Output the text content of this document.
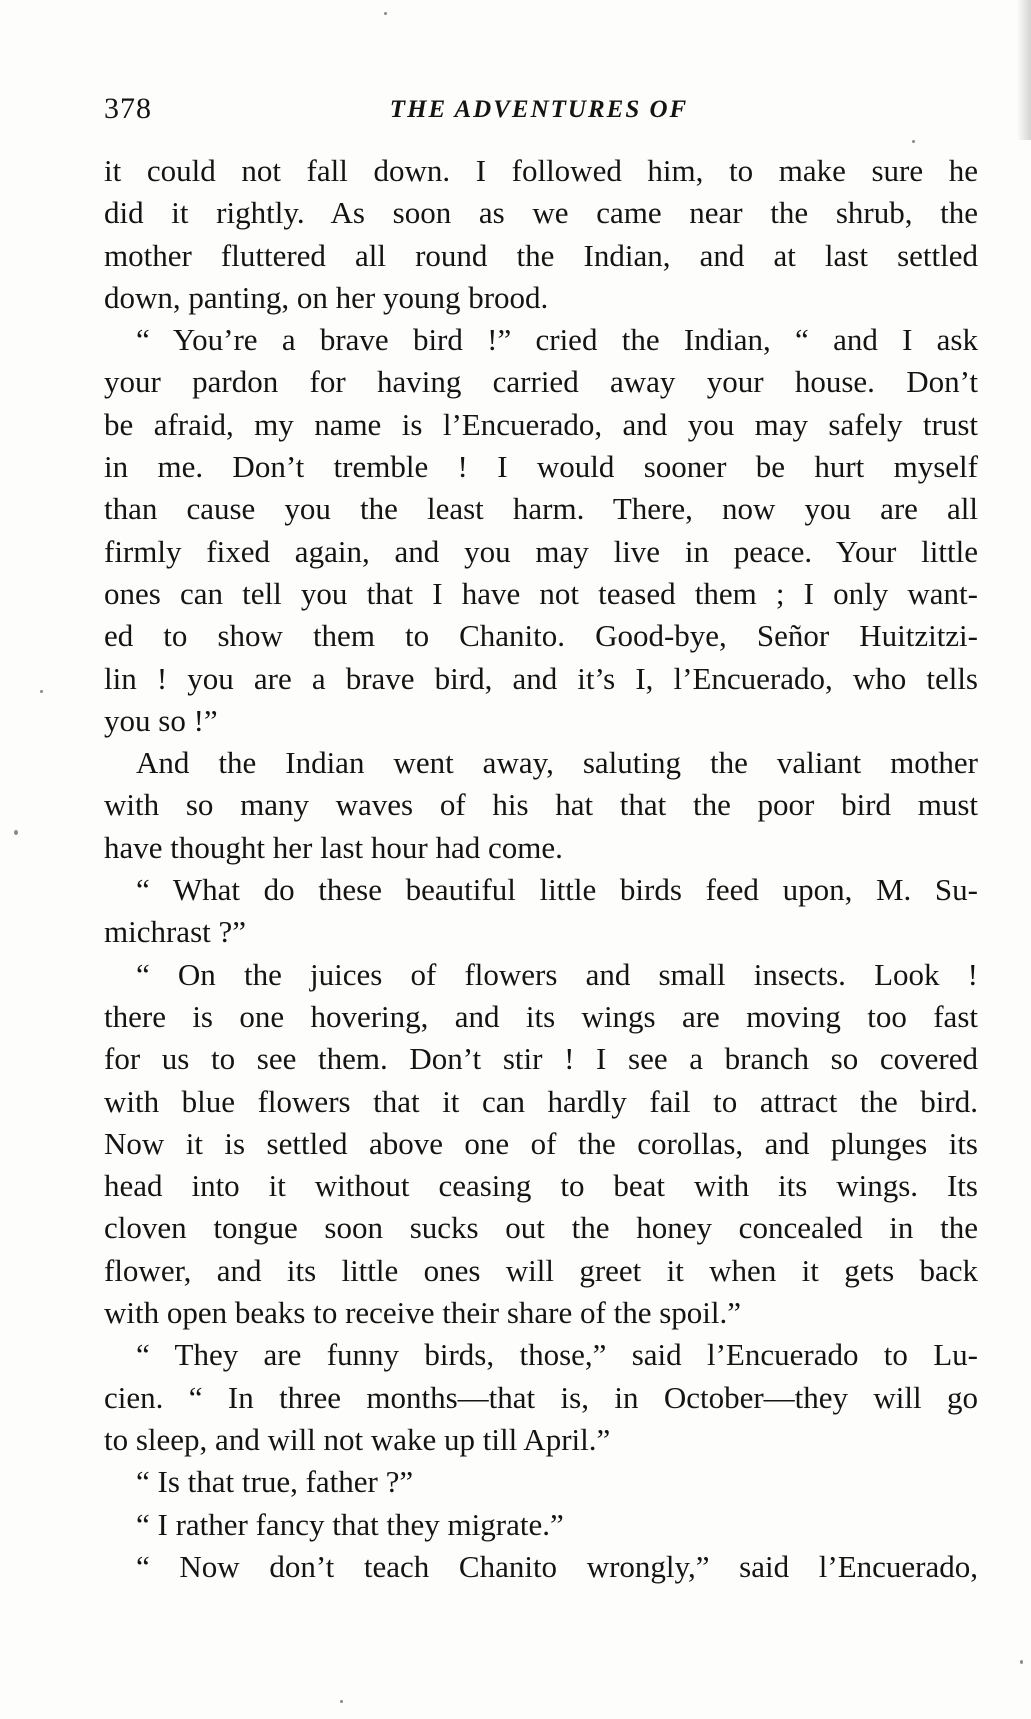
378	THE ADVENTURES OF
it could not fall down. I followed him, to make sure he
did it rightly. As soon as we came near the shrub, the
mother fluttered all round the Indian, and at last settled
down, panting, on her young brood.
“ You’re a brave bird !” cried the Indian, “ and I ask
your pardon for having carried away your house. Don’t
be afraid, my name is l’Encuerado, and you may safely trust
in me. Don’t tremble ! I would sooner be hurt myself
than cause you the least harm. There, now you are all
firmly fixed again, and you may live in peace. Your little
ones can tell you that I have not teased them ; I only want-
ed to show them to Chanito. Good-bye, Señor Huitzitzi-
lin ! you are a brave bird, and it’s I, l’Encuerado, who tells
you so !”
And the Indian went away, saluting the valiant mother
with so many waves of his hat that the poor bird must
have thought her last hour had come.
“ What do these beautiful little birds feed upon, M. Su-
michrast ?”
“ On the juices of flowers and small insects. Look !
there is one hovering, and its wings are moving too fast
for us to see them. Don’t stir ! I see a branch so covered
with blue flowers that it can hardly fail to attract the bird.
Now it is settled above one of the corollas, and plunges its
head into it without ceasing to beat with its wings. Its
cloven tongue soon sucks out the honey concealed in the
flower, and its little ones will greet it when it gets back
with open beaks to receive their share of the spoil.”
“ They are funny birds, those,” said l’Encuerado to Lu-
cien. “ In three months—that is, in October—they will go
to sleep, and will not wake up till April.”
“ Is that true, father ?”
“ I rather fancy that they migrate.”
“ Now don’t teach Chanito wrongly,” said l’Encuerado,
